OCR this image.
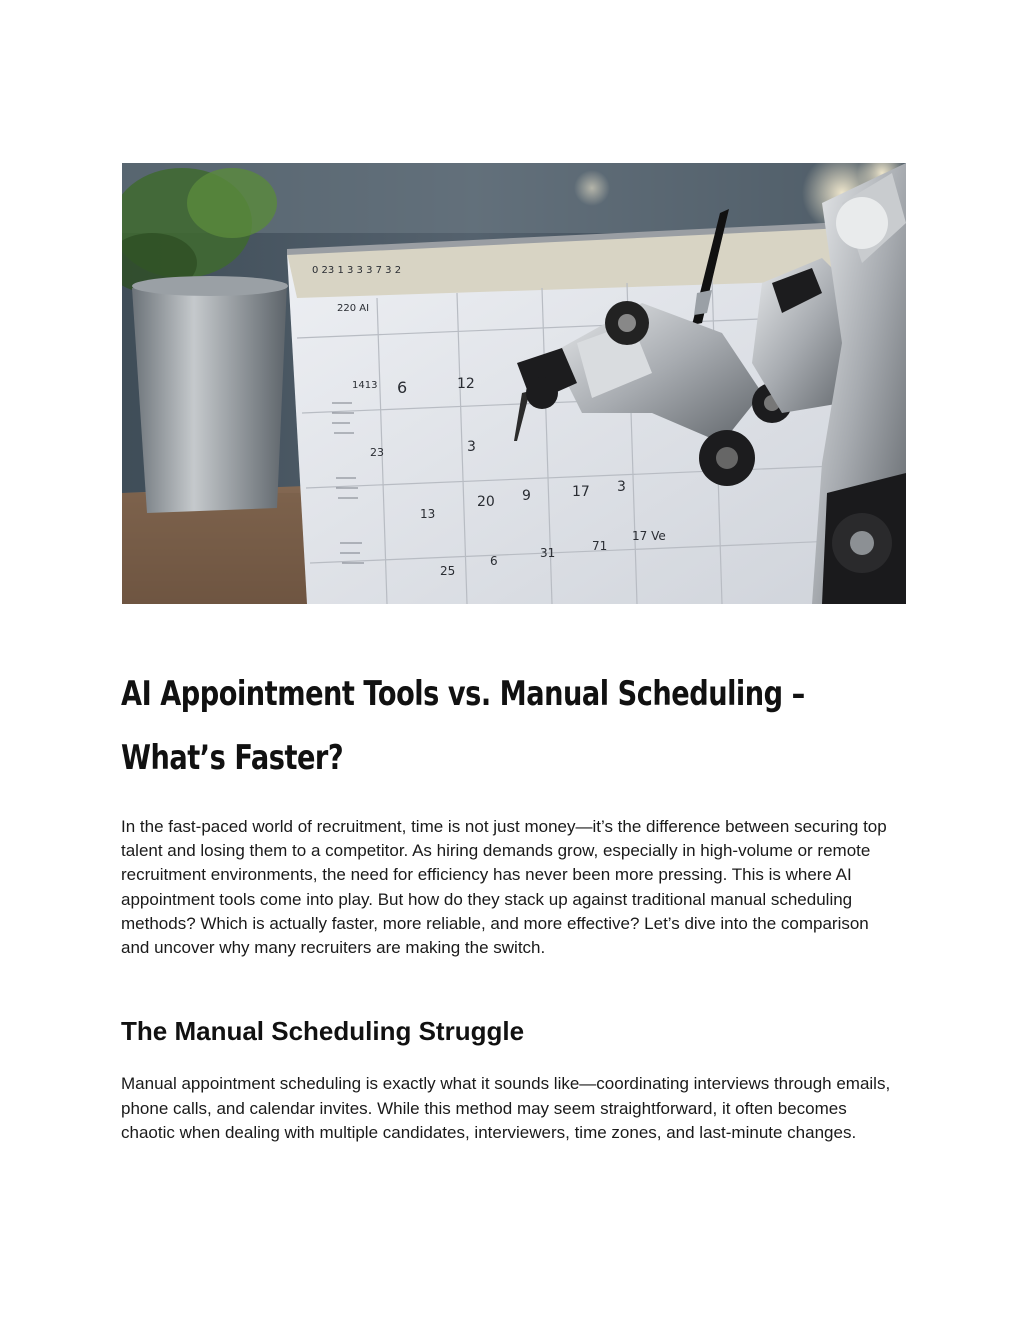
0 23 1 3 3 3 7 3 2
220 AI
1413 6	12
23	3
13
20 9	17 3
25
6
31	71
17 Ve
AI Appointment Tools vs. Manual Scheduling – What’s Faster?

In the fast-paced world of recruitment, time is not just money—it’s the difference between securing top talent and losing them to a competitor. As hiring demands grow, especially in high-volume or remote recruitment environments, the need for efficiency has never been more pressing. This is where AI appointment tools come into play. But how do they stack up against traditional manual scheduling methods? Which is actually faster, more reliable, and more effective? Let’s dive into the comparison and uncover why many recruiters are making the switch.

The Manual Scheduling Struggle

Manual appointment scheduling is exactly what it sounds like—coordinating interviews through emails, phone calls, and calendar invites. While this method may seem straightforward, it often becomes chaotic when dealing with multiple candidates, interviewers, time zones, and last-minute changes.
